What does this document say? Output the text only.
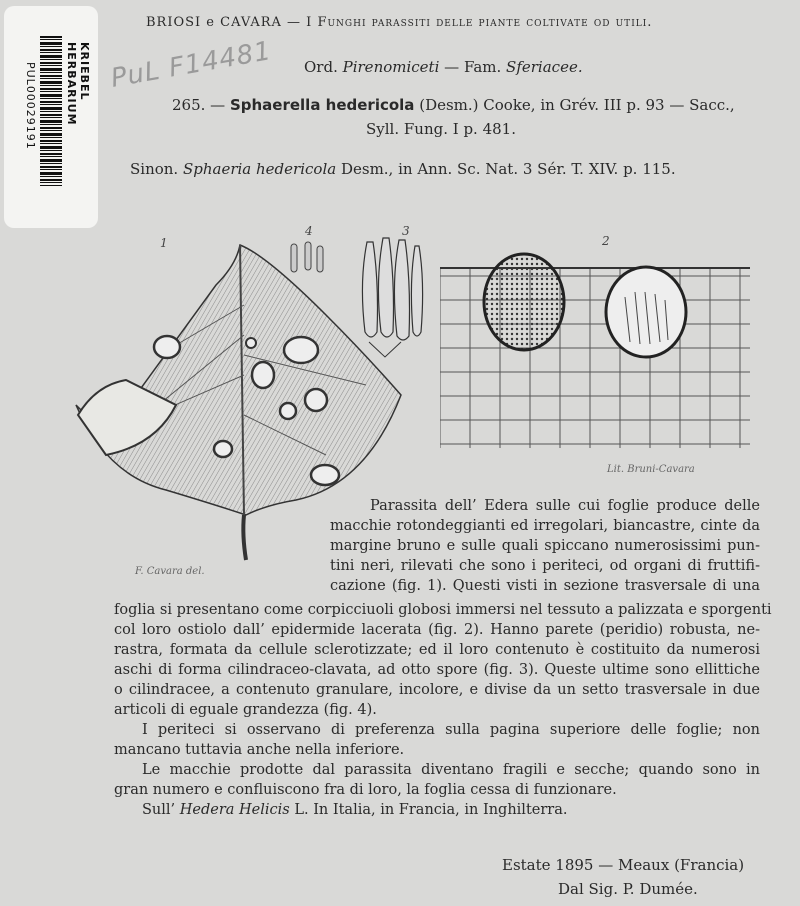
KRIEBEL HERBARIUM
PUL00029191	PuL F14481
BRIOSI e CAVARA — I Funghi parassiti delle piante coltivate od utili.
Ord. Pirenomiceti — Fam. Sferiacee.
265. — Sphaerella hedericola (Desm.) Cooke, in Grév. III p. 93 — Sacc.,
Syll. Fung. I p. 481.
Sinon. Sphaeria hedericola Desm., in Ann. Sc. Nat. 3 Sér. T. XIV. p. 115.
1
F. Cavara del.
4	3
2
Lit. Bruni-Cavara
Parassita dell’ Edera sulle cui foglie produce delle
macchie rotondeggianti ed irregolari, biancastre, cinte da
margine bruno e sulle quali spiccano numerosissimi pun-
tini neri, rilevati che sono i periteci, od organi di fruttifi-
cazione (fig. 1). Questi visti in sezione trasversale di una
foglia si presentano come corpicciuoli globosi immersi nel tessuto a palizzata e sporgenti
col loro ostiolo dall’ epidermide lacerata (fig. 2). Hanno parete (peridio) robusta, ne-
rastra, formata da cellule sclerotizzate; ed il loro contenuto è costituito da numerosi
aschi di forma cilindraceo-clavata, ad otto spore (fig. 3). Queste ultime sono ellittiche
o cilindracee, a contenuto granulare, incolore, e divise da un setto trasversale in due
articoli di eguale grandezza (fig. 4).
I periteci si osservano di preferenza sulla pagina superiore delle foglie; non
mancano tuttavia anche nella inferiore.
Le macchie prodotte dal parassita diventano fragili e secche; quando sono in
gran numero e confluiscono fra di loro, la foglia cessa di funzionare.
Sull’ Hedera Helicis L. In Italia, in Francia, in Inghilterra.
Estate 1895 — Meaux (Francia)
Dal Sig. P. Dumée.
